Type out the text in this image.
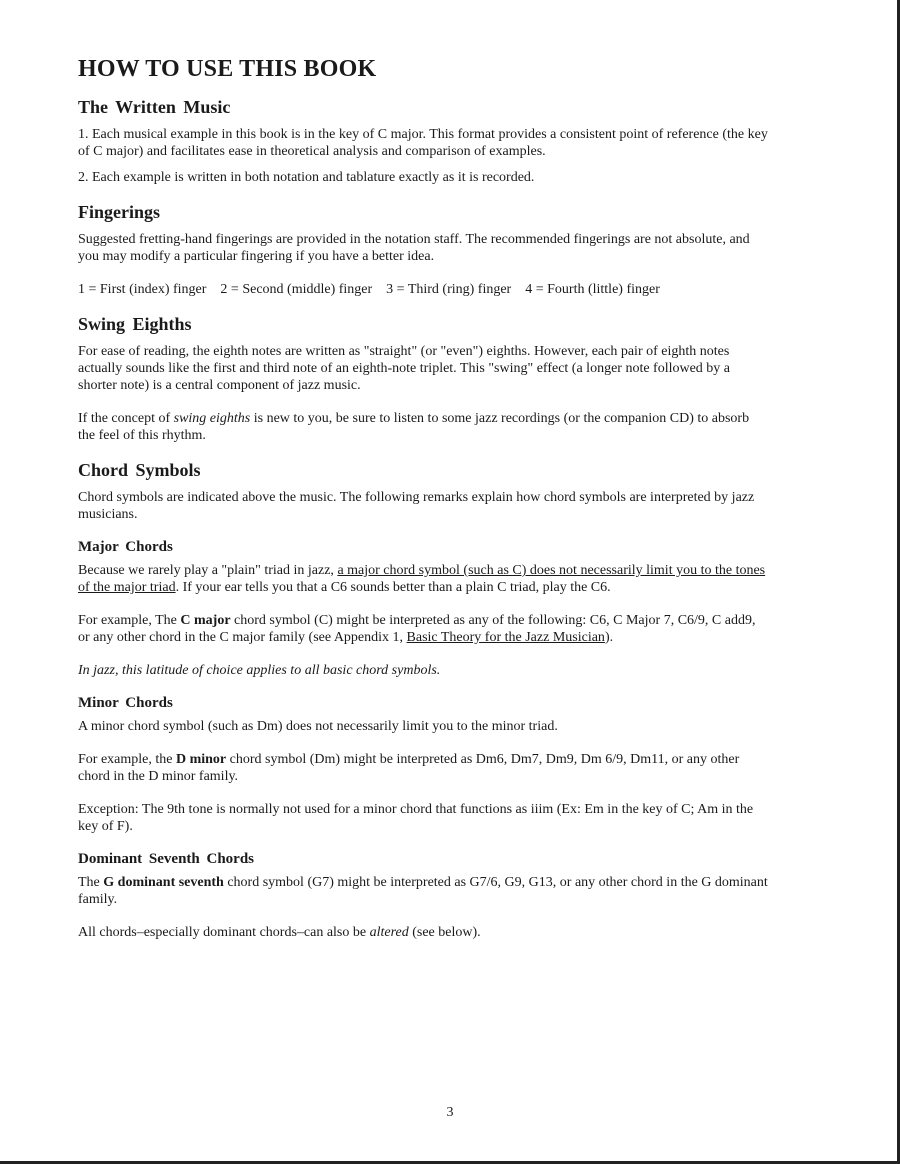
HOW TO USE THIS BOOK
The Written Music

1. Each musical example in this book is in the key of C major. This format provides a consistent point of reference (the key of C major) and facilitates ease in theoretical analysis and comparison of examples.

2. Each example is written in both notation and tablature exactly as it is recorded.

Fingerings

Suggested fretting-hand fingerings are provided in the notation staff. The recommended fingerings are not absolute, and you may modify a particular fingering if you have a better idea.

1 = First (index) finger    2 = Second (middle) finger    3 = Third (ring) finger    4 = Fourth (little) finger

Swing Eighths

For ease of reading, the eighth notes are written as "straight" (or "even") eighths. However, each pair of eighth notes actually sounds like the first and third note of an eighth-note triplet. This "swing" effect (a longer note followed by a shorter note) is a central component of jazz music.

If the concept of swing eighths is new to you, be sure to listen to some jazz recordings (or the companion CD) to absorb the feel of this rhythm.

Chord Symbols

Chord symbols are indicated above the music. The following remarks explain how chord symbols are interpreted by jazz musicians.

Major Chords

Because we rarely play a "plain" triad in jazz, a major chord symbol (such as C) does not necessarily limit you to the tones of the major triad. If your ear tells you that a C6 sounds better than a plain C triad, play the C6.

For example, The C major chord symbol (C) might be interpreted as any of the following: C6, C Major 7, C6/9, C add9, or any other chord in the C major family (see Appendix 1, Basic Theory for the Jazz Musician).

In jazz, this latitude of choice applies to all basic chord symbols.

Minor Chords

A minor chord symbol (such as Dm) does not necessarily limit you to the minor triad.

For example, the D minor chord symbol (Dm) might be interpreted as Dm6, Dm7, Dm9, Dm 6/9, Dm11, or any other chord in the D minor family.

Exception: The 9th tone is normally not used for a minor chord that functions as iiim (Ex: Em in the key of C; Am in the key of F).

Dominant Seventh Chords

The G dominant seventh chord symbol (G7) might be interpreted as G7/6, G9, G13, or any other chord in the G dominant family.

All chords–especially dominant chords–can also be altered (see below).

3
